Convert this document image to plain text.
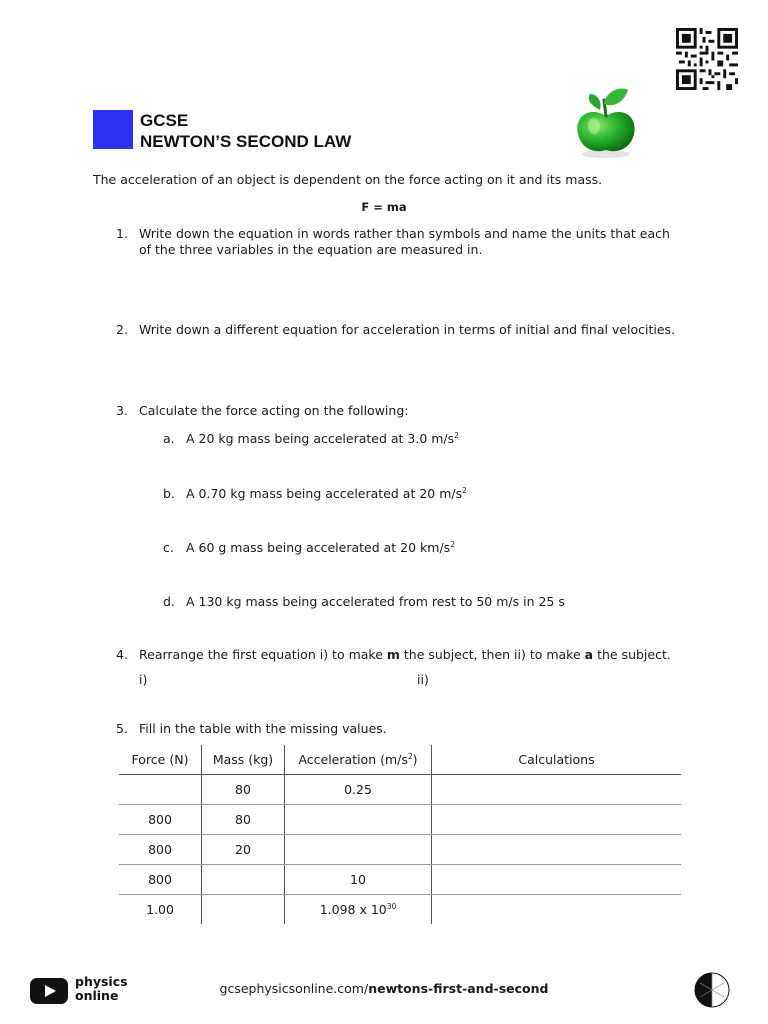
GCSE
NEWTON’S SECOND LAW
The acceleration of an object is dependent on the force acting on it and its mass.
F = ma
1. Write down the equation in words rather than symbols and name the units that each of the three variables in the equation are measured in.
2. Write down a different equation for acceleration in terms of initial and final velocities.
3. Calculate the force acting on the following:
a. A 20 kg mass being accelerated at 3.0 $m/s^2$
b. A 0.70 kg mass being accelerated at 20 $m/s^2$
c. A 60 g mass being accelerated at 20 $km/s^2$
d. A 130 kg mass being accelerated from rest to 50 m/s in 25 s
4. Rearrange the first equation i) to make m the subject, then ii) to make a the subject.
i)	ii)
5. Fill in the table with the missing values.
Force (N)	Mass (kg)	Acceleration $(m/s^2)$	Calculations
	80	0.25	
800	80		
800	20		
800		10	
1.00		1.098 x $10^{30}$	
physics
online	gcsephysicsonline.com/newtons-first-and-second
